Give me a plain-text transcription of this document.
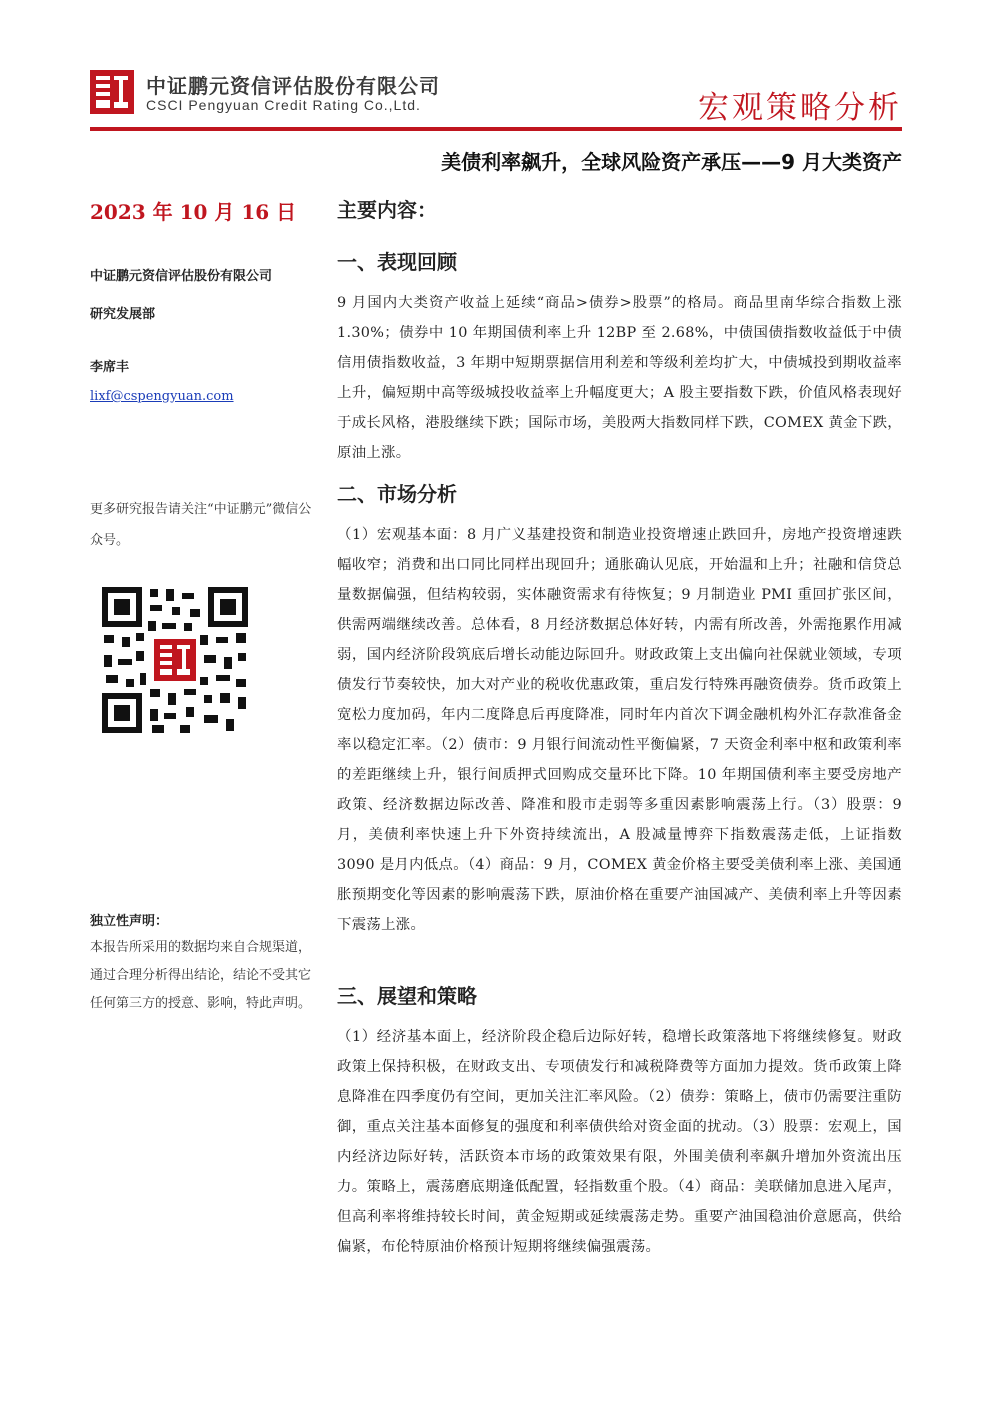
中证鹏元资信评估股份有限公司
CSCI Pengyuan Credit Rating Co.,Ltd.	宏观策略分析
美债利率飙升，全球风险资产承压——9 月大类资产
2023 年 10 月 16 日
中证鹏元资信评估股份有限公司
研究发展部
李席丰
lixf@cspengyuan.com
更多研究报告请关注“中证鹏元”微信公众号。
独立性声明：
本报告所采用的数据均来自合规渠道，通过合理分析得出结论，结论不受其它任何第三方的授意、影响，特此声明。
主要内容：
一、表现回顾
9 月国内大类资产收益上延续“商品>债券>股票”的格局。商品里南华综合指数上涨 1.30%；债券中 10 年期国债利率上升 12BP 至 2.68%，中债国债指数收益低于中债信用债指数收益，3 年期中短期票据信用利差和等级利差均扩大，中债城投到期收益率上升，偏短期中高等级城投收益率上升幅度更大；A 股主要指数下跌，价值风格表现好于成长风格，港股继续下跌；国际市场，美股两大指数同样下跌，COMEX 黄金下跌，原油上涨。
二、市场分析
（1）宏观基本面：8 月广义基建投资和制造业投资增速止跌回升，房地产投资增速跌幅收窄；消费和出口同比同样出现回升；通胀确认见底，开始温和上升；社融和信贷总量数据偏强，但结构较弱，实体融资需求有待恢复；9 月制造业 PMI 重回扩张区间，供需两端继续改善。总体看，8 月经济数据总体好转，内需有所改善，外需拖累作用减弱，国内经济阶段筑底后增长动能边际回升。财政政策上支出偏向社保就业领域，专项债发行节奏较快，加大对产业的税收优惠政策，重启发行特殊再融资债券。货币政策上宽松力度加码，年内二度降息后再度降准，同时年内首次下调金融机构外汇存款准备金率以稳定汇率。（2）债市：9 月银行间流动性平衡偏紧，7 天资金利率中枢和政策利率的差距继续上升，银行间质押式回购成交量环比下降。10 年期国债利率主要受房地产政策、经济数据边际改善、降准和股市走弱等多重因素影响震荡上行。（3）股票：9 月，美债利率快速上升下外资持续流出，A 股减量博弈下指数震荡走低，上证指数 3090 是月内低点。（4）商品：9 月，COMEX 黄金价格主要受美债利率上涨、美国通胀预期变化等因素的影响震荡下跌，原油价格在重要产油国减产、美债利率上升等因素下震荡上涨。
三、展望和策略
（1）经济基本面上，经济阶段企稳后边际好转，稳增长政策落地下将继续修复。财政政策上保持积极，在财政支出、专项债发行和减税降费等方面加力提效。货币政策上降息降准在四季度仍有空间，更加关注汇率风险。（2）债券：策略上，债市仍需要注重防御，重点关注基本面修复的强度和利率债供给对资金面的扰动。（3）股票：宏观上，国内经济边际好转，活跃资本市场的政策效果有限，外围美债利率飙升增加外资流出压力。策略上，震荡磨底期逢低配置，轻指数重个股。（4）商品：美联储加息进入尾声，但高利率将维持较长时间，黄金短期或延续震荡走势。重要产油国稳油价意愿高，供给偏紧，布伦特原油价格预计短期将继续偏强震荡。
